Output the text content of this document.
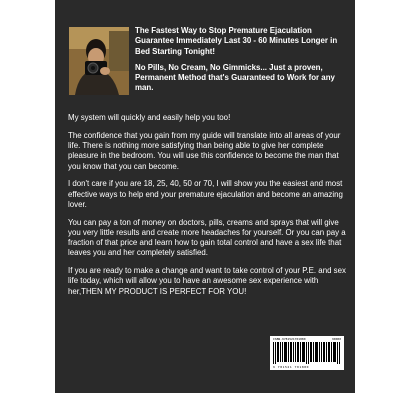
The Fastest Way to Stop Premature Ejaculation Guarantee Immediately Last 30 - 60 Minutes Longer in Bed Starting Tonight!

No Pills, No Cream, No Gimmicks... Just a proven, Permanent Method that's Guaranteed to Work for any man.

My system will quickly and easily help you too!

The confidence that you gain from my guide will translate into all areas of your life. There is nothing more satisfying than being able to give her complete pleasure in the bedroom. You will use this confidence to become the man that you know that you can become.

I don't care if you are 18, 25, 40, 50 or 70, I will show you the easiest and most effective ways to help end your premature ejaculation and become an amazing lover.

You can pay a ton of money on doctors, pills, creams and sprays that will give you very little results and create more headaches for yourself. Or you can pay a fraction of that price and learn how to gain total control and have a sex life that leaves you and her completely satisfied.

If you are ready to make a change and want to take control of your P.E. and sex life today, which will allow you to have an awesome sex experience with her,THEN MY PRODUCT IS PERFECT FOR YOU!

ISBN-9781521701880	90000
9 781521 701880
